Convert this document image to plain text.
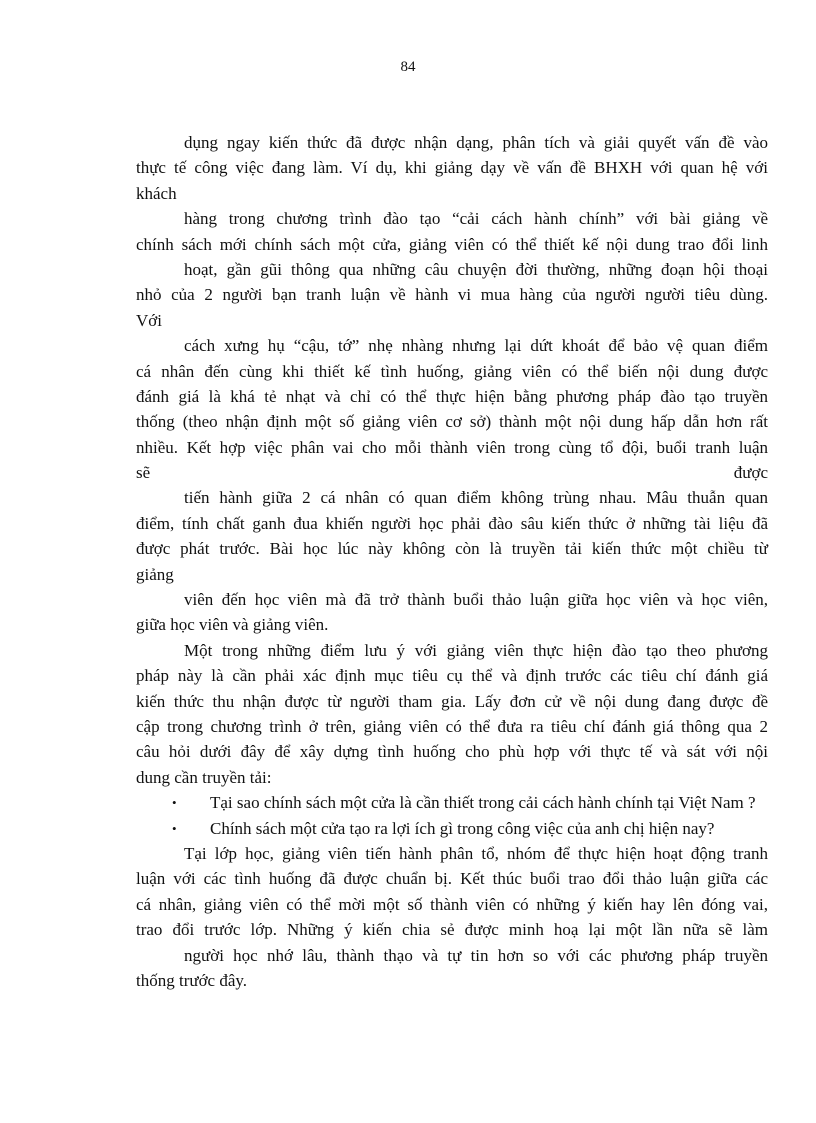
84
dụng ngay kiến thức đã được nhận dạng, phân tích và giải quyết vấn đề vào
thực tế công việc đang làm. Ví dụ, khi giảng dạy về vấn đề BHXH với quan hệ với
khách
hàng trong chương trình đào tạo “cải cách hành chính” với bài giảng về
chính sách mới chính sách một cửa, giảng viên có thể thiết kế nội dung trao đổi linh
hoạt, gần gũi thông qua những câu chuyện đời thường, những đoạn hội thoại
nhỏ của 2 người bạn tranh luận về hành vi mua hàng của người người tiêu dùng.
Với
cách xưng hụ “cậu, tớ” nhẹ nhàng nhưng lại dứt khoát để bảo vệ quan điểm
cá nhân đến cùng khi thiết kế tình huống, giảng viên có thể biến nội dung được
đánh giá là khá tẻ nhạt và chỉ có thể thực hiện bằng phương pháp đào tạo truyền
thống (theo nhận định một số giảng viên cơ sở) thành một nội dung hấp dẫn hơn rất
nhiều. Kết hợp việc phân vai cho mỗi thành viên trong cùng tổ đội, buổi tranh luận
sẽ	được
tiến hành giữa 2 cá nhân có quan điểm không trùng nhau. Mâu thuẫn quan
điểm, tính chất ganh đua khiến người học phải đào sâu kiến thức ở những tài liệu đã
được phát trước. Bài học lúc này không còn là truyền tải kiến thức một chiều từ
giảng
viên đến học viên mà đã trở thành buổi thảo luận giữa học viên và học viên,
giữa học viên và giảng viên.
Một trong những điểm lưu ý với giảng viên thực hiện đào tạo theo phương
pháp này là cần phải xác định mục tiêu cụ thể và định trước các tiêu chí đánh giá
kiến thức thu nhận được từ người tham gia. Lấy đơn cử về nội dung đang được đề
cập trong chương trình ở trên, giảng viên có thể đưa ra tiêu chí đánh giá thông qua 2
câu hỏi dưới đây để xây dựng tình huống cho phù hợp với thực tế và sát với nội
dung cần truyền tải:
• Tại sao chính sách một cửa là cần thiết trong cải cách hành chính tại Việt Nam ?
• Chính sách một cửa tạo ra lợi ích gì trong công việc của anh chị hiện nay?
Tại lớp học, giảng viên tiến hành phân tổ, nhóm để thực hiện hoạt động tranh
luận với các tình huống đã được chuẩn bị. Kết thúc buổi trao đổi thảo luận giữa các
cá nhân, giảng viên có thể mời một số thành viên có những ý kiến hay lên đóng vai,
trao đổi trước lớp. Những ý kiến chia sẻ được minh hoạ lại một lần nữa sẽ làm
người học nhớ lâu, thành thạo và tự tin hơn so với các phương pháp truyền
thống trước đây.
